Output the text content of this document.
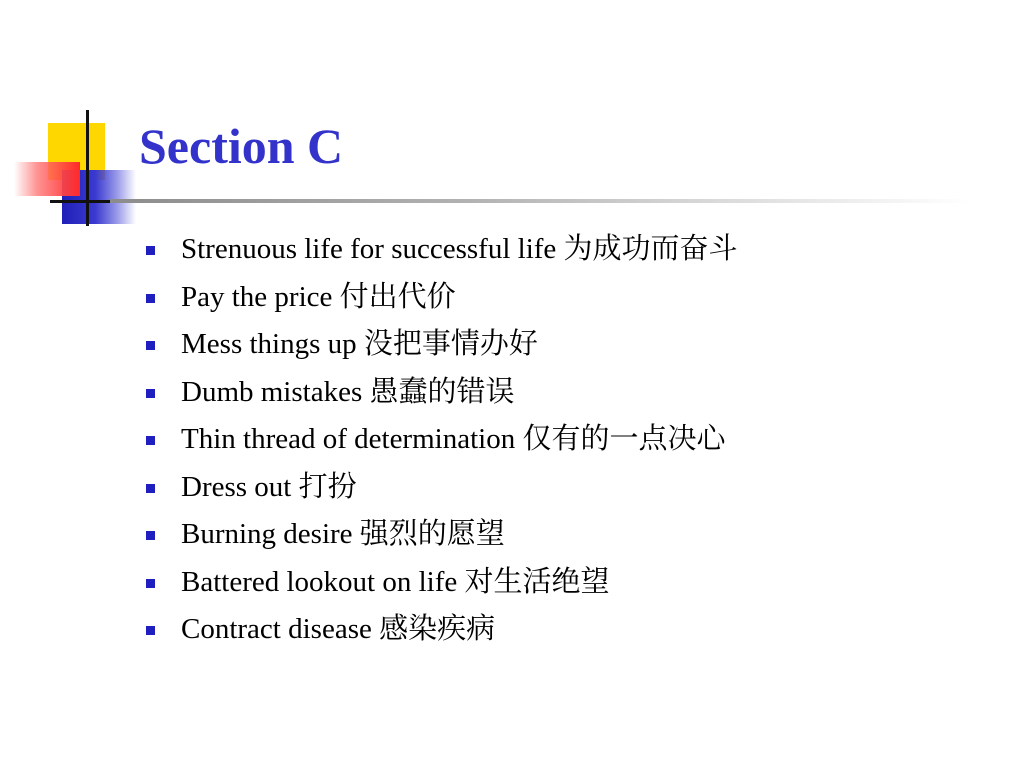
Section C
Strenuous life for successful life 为成功而奋斗
Pay the price 付出代价
Mess things up 没把事情办好
Dumb mistakes 愚蠢的错误
Thin thread of determination 仅有的一点决心
Dress out 打扮
Burning desire 强烈的愿望
Battered lookout on life 对生活绝望
Contract disease 感染疾病
